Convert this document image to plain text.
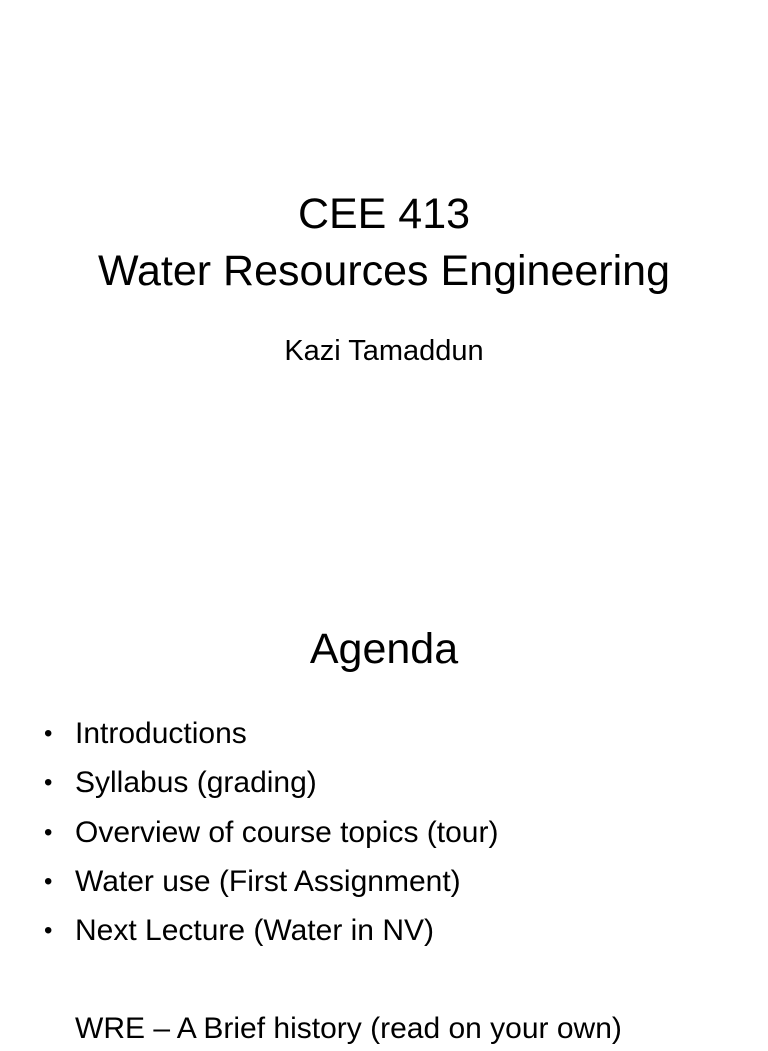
CEE 413
Water Resources Engineering
Kazi Tamaddun
Agenda
• Introductions
• Syllabus (grading)
• Overview of course topics (tour)
• Water use (First Assignment)
• Next Lecture (Water in NV)
WRE – A Brief history (read on your own)
